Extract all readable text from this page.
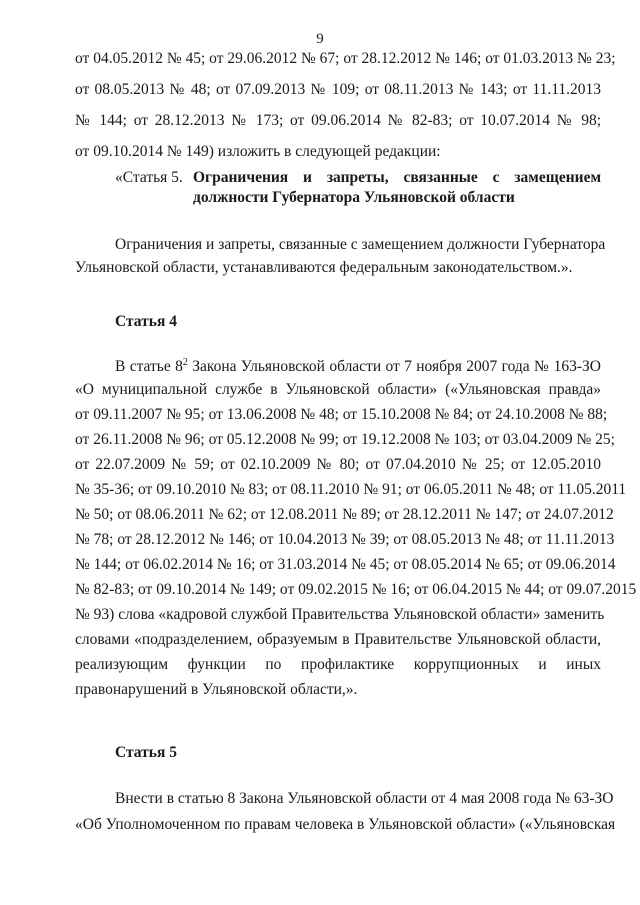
9
от 04.05.2012 № 45; от 29.06.2012 № 67; от 28.12.2012 № 146; от 01.03.2013 № 23;
от 08.05.2013 № 48; от 07.09.2013 № 109; от 08.11.2013 № 143; от 11.11.2013
№ 144; от 28.12.2013 № 173; от 09.06.2014 № 82-83; от 10.07.2014 № 98;
от 09.10.2014 № 149) изложить в следующей редакции:
«Статья 5. Ограничения и запреты, связанные с замещением
должности Губернатора Ульяновской области
Ограничения и запреты, связанные с замещением должности Губернатора
Ульяновской области, устанавливаются федеральным законодательством.».
Статья 4
В статье $8^2$ Закона Ульяновской области от 7 ноября 2007 года № 163-ЗО
«О муниципальной службе в Ульяновской области» («Ульяновская правда»
от 09.11.2007 № 95; от 13.06.2008 № 48; от 15.10.2008 № 84; от 24.10.2008 № 88;
от 26.11.2008 № 96; от 05.12.2008 № 99; от 19.12.2008 № 103; от 03.04.2009 № 25;
от 22.07.2009 № 59; от 02.10.2009 № 80; от 07.04.2010 № 25; от 12.05.2010
№ 35-36; от 09.10.2010 № 83; от 08.11.2010 № 91; от 06.05.2011 № 48; от 11.05.2011
№ 50; от 08.06.2011 № 62; от 12.08.2011 № 89; от 28.12.2011 № 147; от 24.07.2012
№ 78; от 28.12.2012 № 146; от 10.04.2013 № 39; от 08.05.2013 № 48; от 11.11.2013
№ 144; от 06.02.2014 № 16; от 31.03.2014 № 45; от 08.05.2014 № 65; от 09.06.2014
№ 82-83; от 09.10.2014 № 149; от 09.02.2015 № 16; от 06.04.2015 № 44; от 09.07.2015
№ 93) слова «кадровой службой Правительства Ульяновской области» заменить
словами «подразделением, образуемым в Правительстве Ульяновской области,
реализующим функции по профилактике коррупционных и иных
правонарушений в Ульяновской области,».
Статья 5
Внести в статью 8 Закона Ульяновской области от 4 мая 2008 года № 63-ЗО
«Об Уполномоченном по правам человека в Ульяновской области» («Ульяновская
